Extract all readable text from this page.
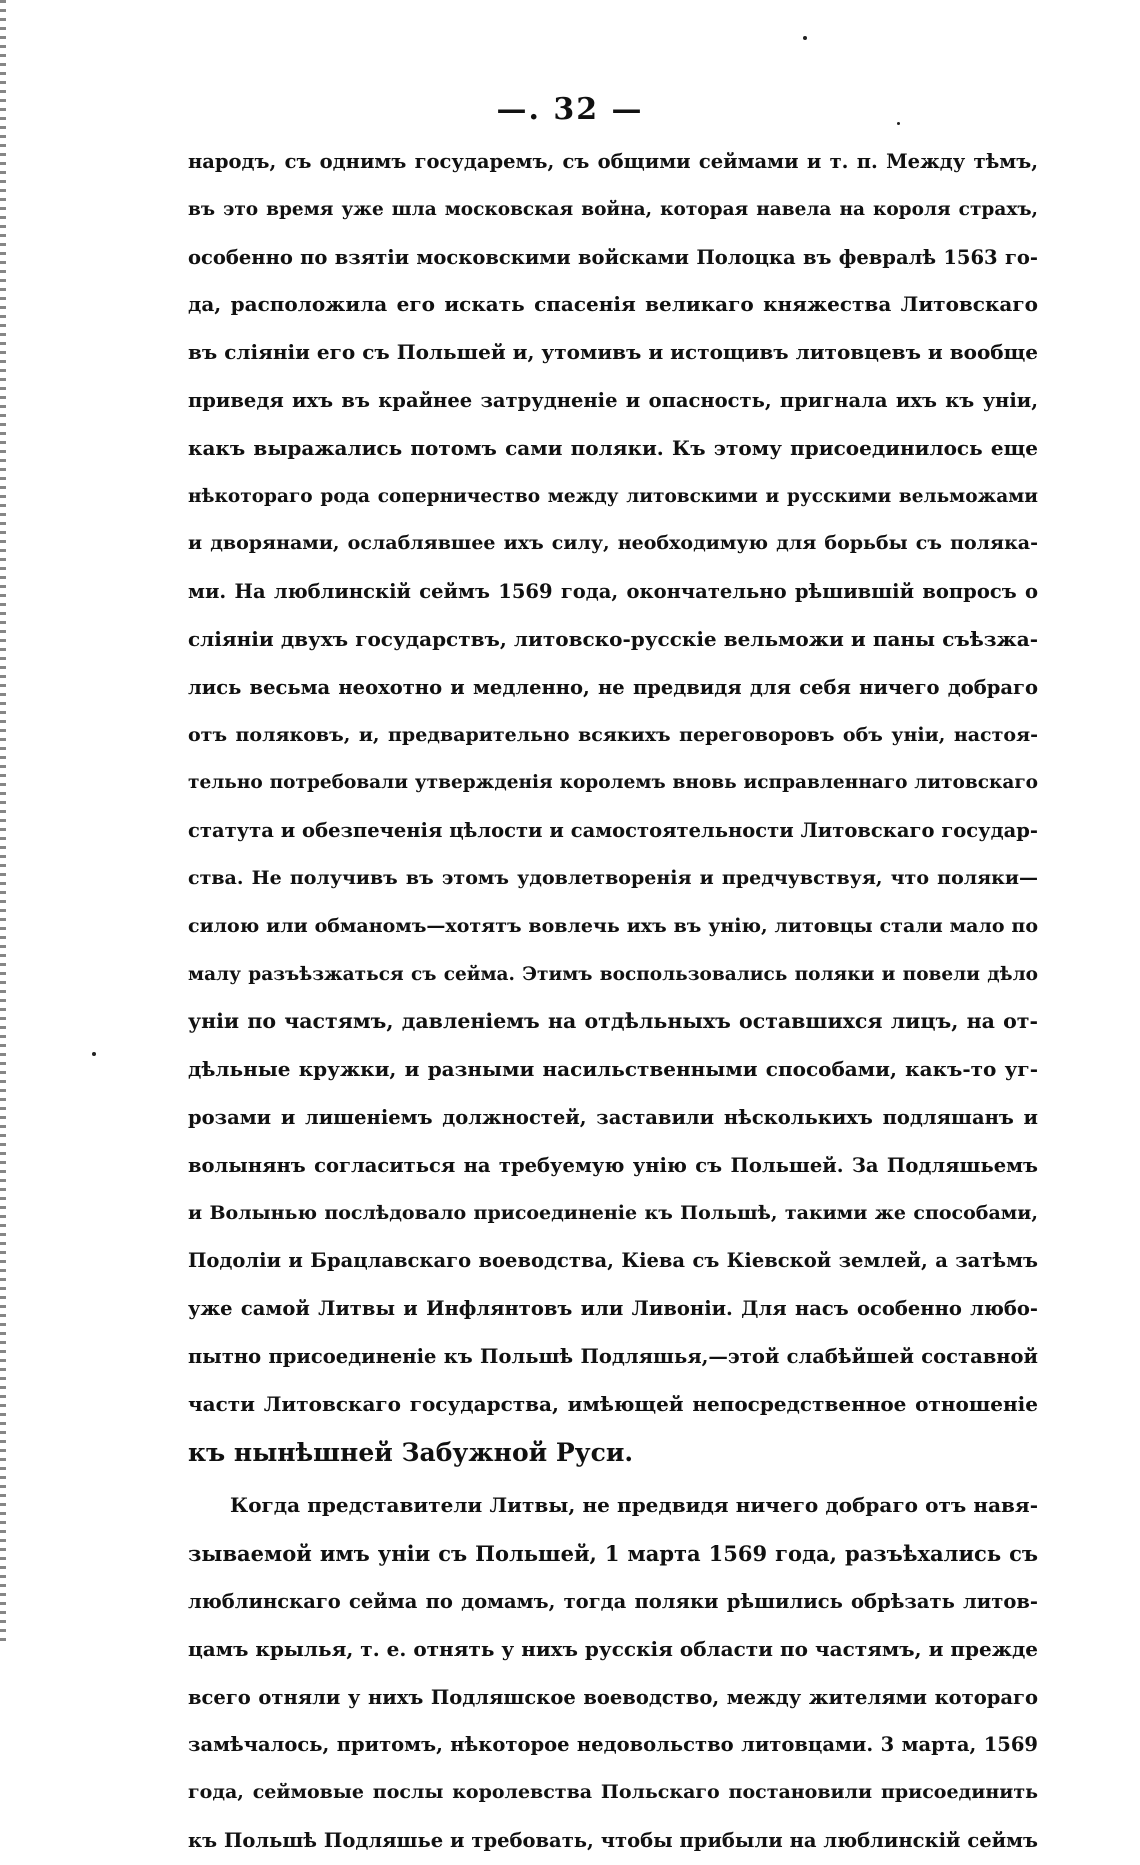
—. 32 —
народъ, съ однимъ государемъ, съ общими сеймами и т. п. Между тѣмъ,
въ это время уже шла московская война, которая навела на короля страхъ,
особенно по взятіи московскими войсками Полоцка въ февралѣ 1563 го-
да, расположила его искать спасенія великаго княжества Литовскаго
въ сліяніи его съ Польшей и, утомивъ и истощивъ литовцевъ и вообще
приведя ихъ въ крайнее затрудненіе и опасность, пригнала ихъ къ уніи,
какъ выражались потомъ сами поляки. Къ этому присоединилось еще
нѣкотораго рода соперничество между литовскими и русскими вельможами
и дворянами, ослаблявшее ихъ силу, необходимую для борьбы съ поляка-
ми. На люблинскій сеймъ 1569 года, окончательно рѣшившій вопросъ о
сліяніи двухъ государствъ, литовско-русскіе вельможи и паны съѣзжа-
лись весьма неохотно и медленно, не предвидя для себя ничего добраго
отъ поляковъ, и, предварительно всякихъ переговоровъ объ уніи, настоя-
тельно потребовали утвержденія королемъ вновь исправленнаго литовскаго
статута и обезпеченія цѣлости и самостоятельности Литовскаго государ-
ства. Не получивъ въ этомъ удовлетворенія и предчувствуя, что поляки—
силою или обманомъ—хотятъ вовлечь ихъ въ унію, литовцы стали мало по
малу разъѣзжаться съ сейма. Этимъ воспользовались поляки и повели дѣло
уніи по частямъ, давленіемъ на отдѣльныхъ оставшихся лицъ, на от-
дѣльные кружки, и разными насильственными способами, какъ-то уг-
розами и лишеніемъ должностей, заставили нѣсколькихъ подляшанъ и
волынянъ согласиться на требуемую унію съ Польшей. За Подляшьемъ
и Волынью послѣдовало присоединеніе къ Польшѣ, такими же способами,
Подоліи и Брацлавскаго воеводства, Кіева съ Кіевской землей, а затѣмъ
уже самой Литвы и Инфлянтовъ или Ливоніи. Для насъ особенно любо-
пытно присоединеніе къ Польшѣ Подляшья,—этой слабѣйшей составной
части Литовскаго государства, имѣющей непосредственное отношеніе
къ нынѣшней Забужной Руси.
Когда представители Литвы, не предвидя ничего добраго отъ навя-
зываемой имъ уніи съ Польшей, 1 марта 1569 года, разъѣхались съ
люблинскаго сейма по домамъ, тогда поляки рѣшились обрѣзать литов-
цамъ крылья, т. е. отнять у нихъ русскія области по частямъ, и прежде
всего отняли у нихъ Подляшское воеводство, между жителями котораго
замѣчалось, притомъ, нѣкоторое недовольство литовцами. 3 марта, 1569
года, сеймовые послы королевства Польскаго постановили присоединить
къ Польшѣ Подляшье и требовать, чтобы прибыли на люблинскій сеймъ
